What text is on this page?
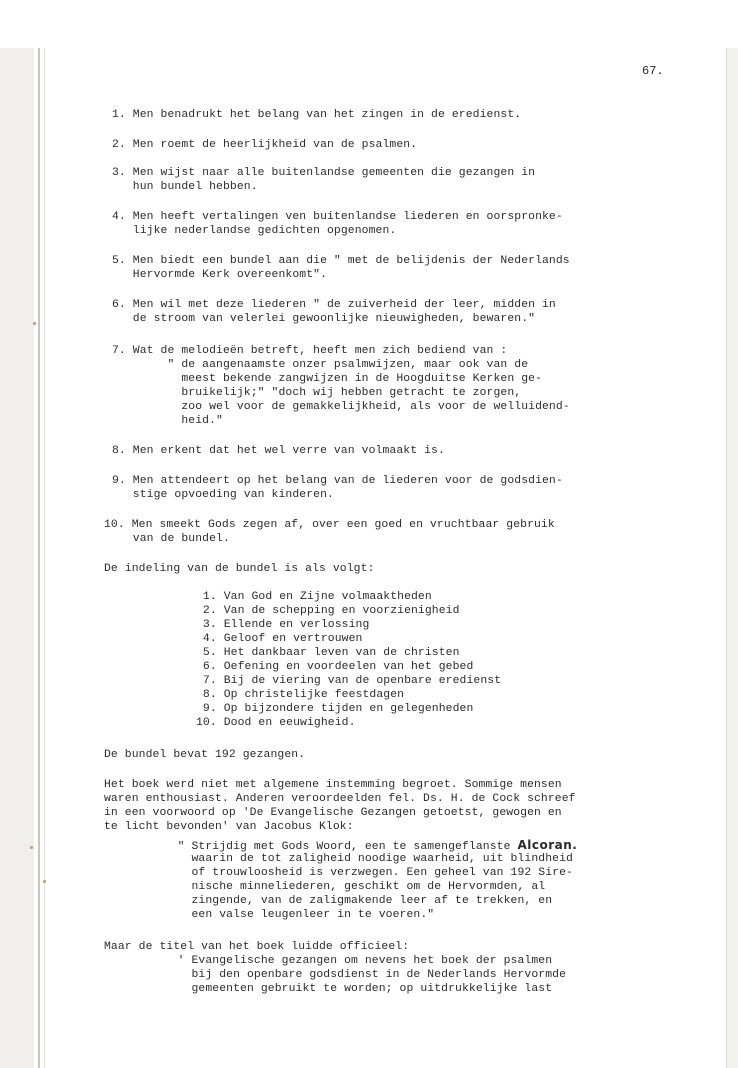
67.
1. Men benadrukt het belang van het zingen in de eredienst.
2. Men roemt de heerlijkheid van de psalmen.
3. Men wijst naar alle buitenlandse gemeenten die gezangen in
hun bundel hebben.
4. Men heeft vertalingen ven buitenlandse liederen en oorspronke-
lijke nederlandse gedichten opgenomen.
5. Men biedt een bundel aan die " met de belijdenis der Nederlands
Hervormde Kerk overeenkomt".
6. Men wil met deze liederen " de zuiverheid der leer, midden in
de stroom van velerlei gewoonlijke nieuwigheden, bewaren."
7. Wat de melodieën betreft, heeft men zich bediend van :
" de aangenaamste onzer psalmwijzen, maar ook van de
meest bekende zangwijzen in de Hoogduitse Kerken ge-
bruikelijk;" "doch wij hebben getracht te zorgen,
zoo wel voor de gemakkelijkheid, als voor de welluidend-
heid."
8. Men erkent dat het wel verre van volmaakt is.
9. Men attendeert op het belang van de liederen voor de godsdien-
stige opvoeding van kinderen.
10. Men smeekt Gods zegen af, over een goed en vruchtbaar gebruik
van de bundel.
De indeling van de bundel is als volgt:
1. Van God en Zijne volmaaktheden
2. Van de schepping en voorzienigheid
3. Ellende en verlossing
4. Geloof en vertrouwen
5. Het dankbaar leven van de christen
6. Oefening en voordeelen van het gebed
7. Bij de viering van de openbare eredienst
8. Op christelijke feestdagen
9. Op bijzondere tijden en gelegenheden
10. Dood en eeuwigheid.
De bundel bevat 192 gezangen.
Het boek werd niet met algemene instemming begroet. Sommige mensen
waren enthousiast. Anderen veroordeelden fel. Ds. H. de Cock schreef
in een voorwoord op 'De Evangelische Gezangen getoetst, gewogen en
te licht bevonden' van Jacobus Klok:
" Strijdig met Gods Woord, een te samengeflanste Alcoran.
waarin de tot zaligheid noodige waarheid, uit blindheid
of trouwloosheid is verzwegen. Een geheel van 192 Sire-
nische minneliederen, geschikt om de Hervormden, al
zingende, van de zaligmakende leer af te trekken, en
een valse leugenleer in te voeren."
Maar de titel van het boek luidde officieel:
' Evangelische gezangen om nevens het boek der psalmen
bij den openbare godsdienst in de Nederlands Hervormde
gemeenten gebruikt te worden; op uitdrukkelijke last
